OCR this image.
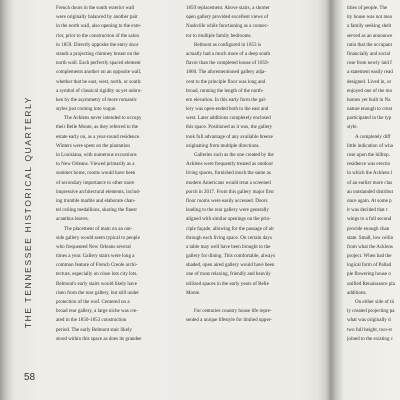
THE TENNESSEE HISTORICAL QUARTERLY
58

French doors in the south exterior wall

were originally balanced by another pair

in the north wall, also opening to the exte-

rior, prior to the construction of the salon

in 1859. Directly opposite the entry door

stands a projecting chimney breast on the

north wall. Each perfectly spaced element

complements another on an opposite wall,

whether that be east, west, north, or south:

a symbol of classical rigidity as yet unbro-

ken by the asymmetry of more romantic

styles just coming into vogue.

The Acklens never intended to occupy

their Belle Monte, as they referred to the

estate early on, as a year-round residence.

Winters were spent on the plantation

in Louisiana, with numerous excursions

to New Orleans. Viewed primarily as a

summer home, rooms would have been

of secondary importance to other more

impressive architectural elements, includ-

ing trumble marble and elaborate chan-

tel ceiling medallions, sharing the finest

acanthus leaves.

The placement of main on an out-

side gallery would seem typical to people

who frequented New Orleans several

times a year. Gallery stairs were long a

common feature of French Creole archi-

tecture, especially on close lots city lots.

Belmont's early stairs would likely have

risen from the rear gallery, but still under

protection of the roof. Centered on a

broad rear gallery, a large niche was cre-

ated in the 1850-1853 construction

period. The early Belmont stair likely

stood within this space as does its grandee

1859 replacement. Above stairs, a shorter

open gallery provided excellent views of

Nashville while functioning as a connec-

tor to multiple family bedrooms.

Belmont as configured in 1853 is

actually had a much more of a deep south

flavor than the completed house of 1859-

1860. The aforementioned gallery adja-

cent to the principle floor was long and

broad, running the length of the north-

ern elevation. In this early form the gal-

lery was open-ended both to the east and

west. Later additions completely enclosed

this space. Positioned as it was, the gallery

took full advantage of any available breeze

originating from multiple directions.

Galleries such as the one created by the

Acklens were frequently treated as outdoor

living spaces, furnished much the same as

modern Americans would treat a screened

porch in 2017. From this gallery major first

floor rooms were easily accessed. Doors

leading to the rear gallery were generally

aligned with similar openings on the prin-

ciple façade, allowing for the passage of air

through each living space. On certain days

a table may well have been brought to the

gallery for dining. This comfortable, always

shaded, open aired gallery would have been

one of most relaxing, friendly and heavily

utilized spaces in the early years of Belle

Monte.

For centuries country house life repre-

sented a unique lifestyle for limited upper-

tities of people. The

ity house was not mea

a family seeking shelt

served as an announce

ratio that the occupant

financially and social

rose from newly laid f

a statement easily read

designed. Lived in, or

enjoyed one of the mo

homes yet built in Na

nature enough to creat

participated in the typ

style.

A completely diff

little indication of wha

rose upon the hilltop.

residence was erectio

in which the Acklens l

of an earlier more clas

an outstanded distribut

once again. At some p

it was decided that t

wings to a full second

provide enough chan

state. Small, low ceilin

from what the Acklens

project. When had the

logical form of Pallad

ple flowering house o

unified Renaissance pla

additions.

On either side of th

ly created projecting pa

what was originally d

two full height, two-st

joined to the existing c
